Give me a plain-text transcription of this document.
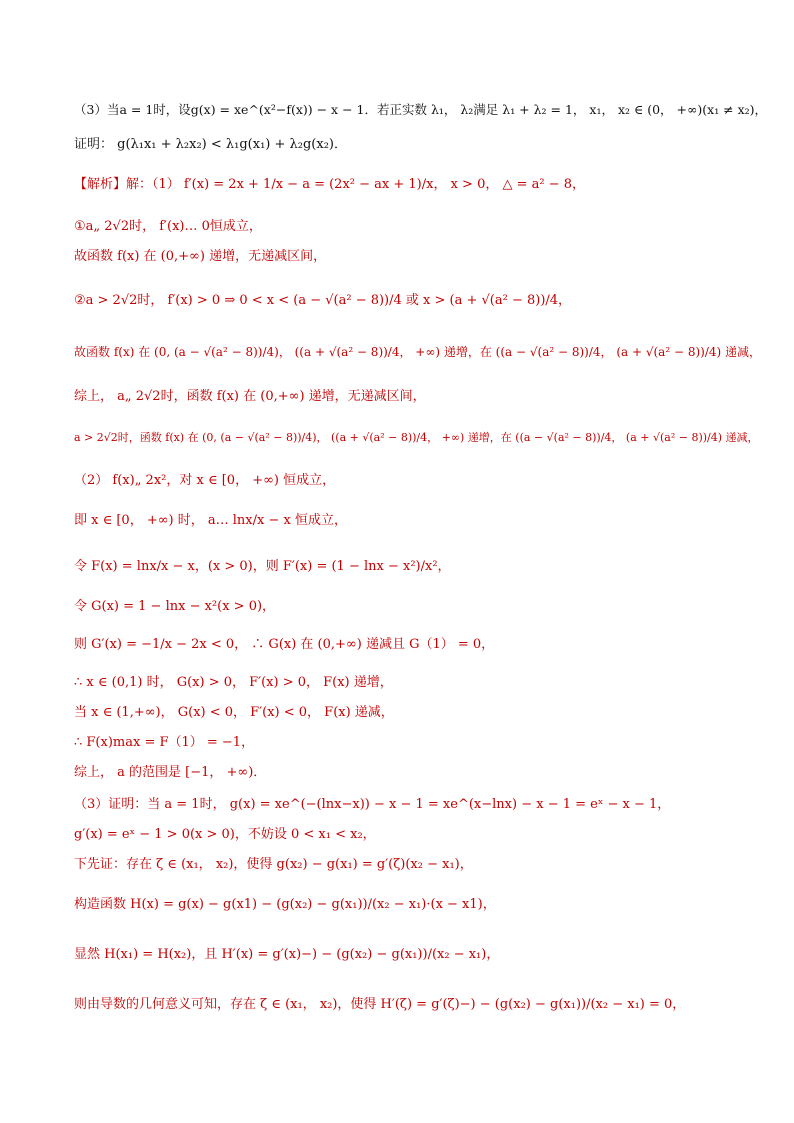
（3）当a = 1时，设g(x) = xe^(x²−f(x)) − x − 1．若正实数 λ₁， λ₂满足 λ₁ + λ₂ = 1， x₁， x₂ ∈ (0， +∞)(x₁ ≠ x₂)，
证明： g(λ₁x₁ + λ₂x₂) < λ₁g(x₁) + λ₂g(x₂)．
【解析】解：（1） f′(x) = 2x + 1/x − a = (2x² − ax + 1)/x， x > 0， △ = a² − 8，
①a„ 2√2时， f′(x)… 0恒成立，
故函数 f(x) 在 (0,+∞) 递增，无递减区间，
②a > 2√2时， f′(x) > 0 ⇒ 0 < x < (a − √(a² − 8))/4 或 x > (a + √(a² − 8))/4，
故函数 f(x) 在 (0, (a − √(a² − 8))/4)， ((a + √(a² − 8))/4， +∞) 递增，在 ((a − √(a² − 8))/4， (a + √(a² − 8))/4) 递减，
综上， a„ 2√2时，函数 f(x) 在 (0,+∞) 递增，无递减区间，
a > 2√2时，函数 f(x) 在 (0, (a − √(a² − 8))/4)， ((a + √(a² − 8))/4， +∞) 递增，在 ((a − √(a² − 8))/4， (a + √(a² − 8))/4) 递减，
（2） f(x)„ 2x²，对 x ∈ [0， +∞) 恒成立，
即 x ∈ [0， +∞) 时， a… lnx/x − x 恒成立，
令 F(x) = lnx/x − x，(x > 0)，则 F′(x) = (1 − lnx − x²)/x²，
令 G(x) = 1 − lnx − x²(x > 0)，
则 G′(x) = −1/x − 2x < 0， ∴ G(x) 在 (0,+∞) 递减且 G（1） = 0，
∴ x ∈ (0,1) 时， G(x) > 0， F′(x) > 0， F(x) 递增，
当 x ∈ (1,+∞)， G(x) < 0， F′(x) < 0， F(x) 递减，
∴ F(x)max = F（1） = −1，
综上， a 的范围是 [−1， +∞)．
（3）证明：当 a = 1时， g(x) = xe^(−(lnx−x)) − x − 1 = xe^(x−lnx) − x − 1 = eˣ − x − 1，
g′(x) = eˣ − 1 > 0(x > 0)，不妨设 0 < x₁ < x₂，
下先证：存在 ζ ∈ (x₁， x₂)，使得 g(x₂) − g(x₁) = g′(ζ)(x₂ − x₁)，
构造函数 H(x) = g(x) − g(x1) − (g(x₂) − g(x₁))/(x₂ − x₁)·(x − x1)，
显然 H(x₁) = H(x₂)，且 H′(x) = g′(x)−) − (g(x₂) − g(x₁))/(x₂ − x₁)，
则由导数的几何意义可知，存在 ζ ∈ (x₁， x₂)，使得 H′(ζ) = g′(ζ)−) − (g(x₂) − g(x₁))/(x₂ − x₁) = 0，
